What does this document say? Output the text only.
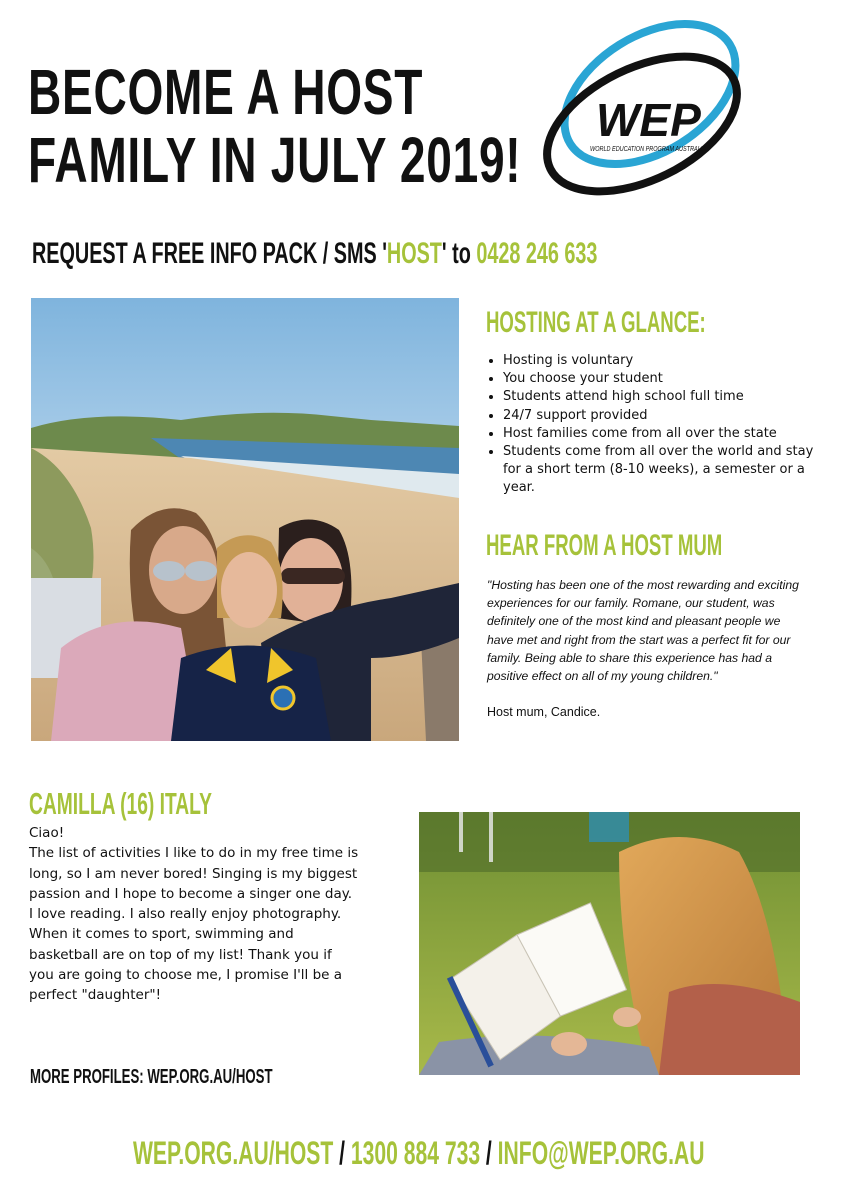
BECOME A HOST
FAMILY IN JULY 2019!
WEP
WORLD EDUCATION PROGRAM AUSTRALIA
REQUEST A FREE INFO PACK / SMS 'HOST' to 0428 246 633
HOSTING AT A GLANCE:
• Hosting is voluntary
• You choose your student
• Students attend high school full time
• 24/7 support provided
• Host families come from all over the state
• Students come from all over the world and stay for a short term (8-10 weeks), a semester or a year.
HEAR FROM A HOST MUM
"Hosting has been one of the most rewarding and exciting experiences for our family. Romane, our student, was definitely one of the most kind and pleasant people we have met and right from the start was a perfect fit for our family. Being able to share this experience has had a positive effect on all of my young children."
Host mum, Candice.
CAMILLA (16) ITALY

Ciao!

The list of activities I like to do in my free time is long, so I am never bored! Singing is my biggest passion and I hope to become a singer one day. I love reading. I also really enjoy photography. When it comes to sport, swimming and basketball are on top of my list! Thank you if you are going to choose me, I promise I'll be a perfect "daughter"!

MORE PROFILES: WEP.ORG.AU/HOST
WEP.ORG.AU/HOST / 1300 884 733 / INFO@WEP.ORG.AU
